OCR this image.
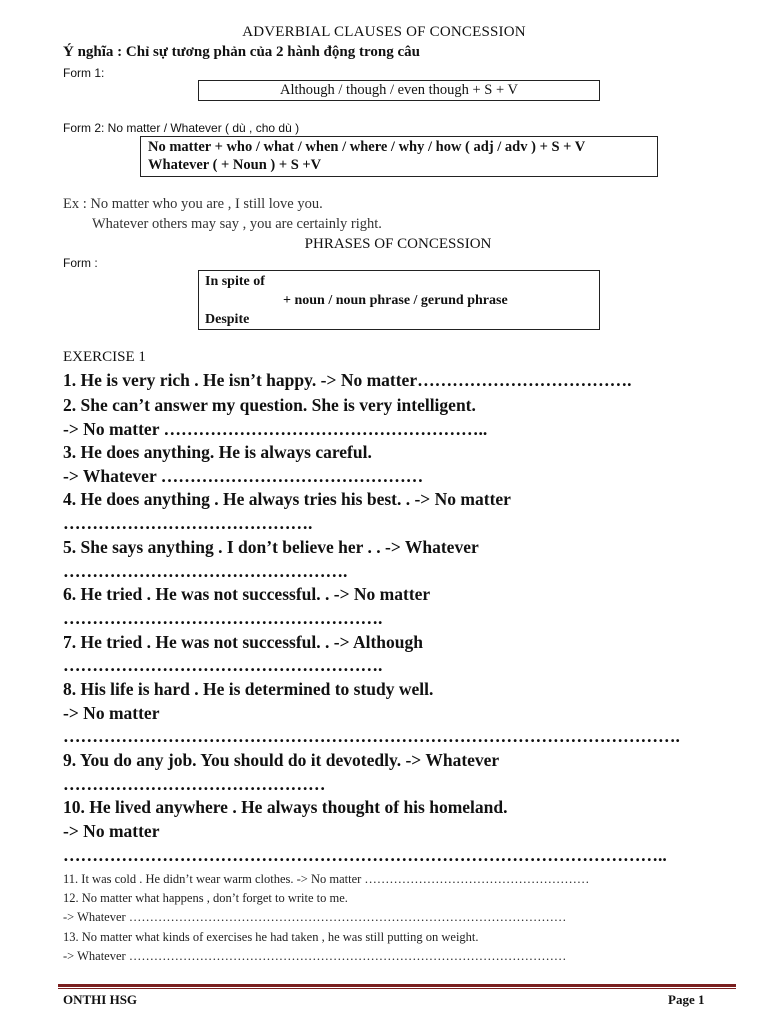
ADVERBIAL CLAUSES OF CONCESSION
Ý nghĩa : Chỉ sự tương phản của 2 hành động trong câu
Form 1:
Although / though / even though + S + V
Form 2: No matter / Whatever ( dù , cho dù )
No matter + who / what / when / where / why / how ( adj / adv ) + S + V
Whatever ( + Noun ) + S +V
Ex : No matter who you are , I still love you.
Whatever others may say , you are certainly right.
PHRASES OF CONCESSION
Form :
In spite of
+ noun / noun phrase / gerund phrase
Despite
EXERCISE 1
1. He is very rich . He isn’t happy. -> No matter……………………………….
2. She can’t answer my question. She is very intelligent.
-> No matter ………………………………………………..
3. He does anything. He is always careful.
-> Whatever ………………………………………
4. He does anything . He always tries his best. . -> No matter
…………………………………….
5. She says anything . I don’t believe her . . -> Whatever
………………………………………….
6. He tried . He was not successful. . -> No matter
……………………………………………….
7. He tried . He was not successful. . -> Although
……………………………………………….
8. His life is hard . He is determined to study well.
-> No matter
…………………………………………………………………………………………….
9. You do any job. You should do it devotedly. -> Whatever
………………………………………
10. He lived anywhere . He always thought of his homeland.
-> No matter
…………………………………………………………………………………………..
11. It was cold . He didn’t wear warm clothes. -> No matter ………………………………………………
12. No matter what happens , don’t forget to write to me.
-> Whatever ……………………………………………………………………………………………
13. No matter what kinds of exercises he had taken , he was still putting on weight.
-> Whatever ……………………………………………………………………………………………
ONTHI HSG	Page 1
